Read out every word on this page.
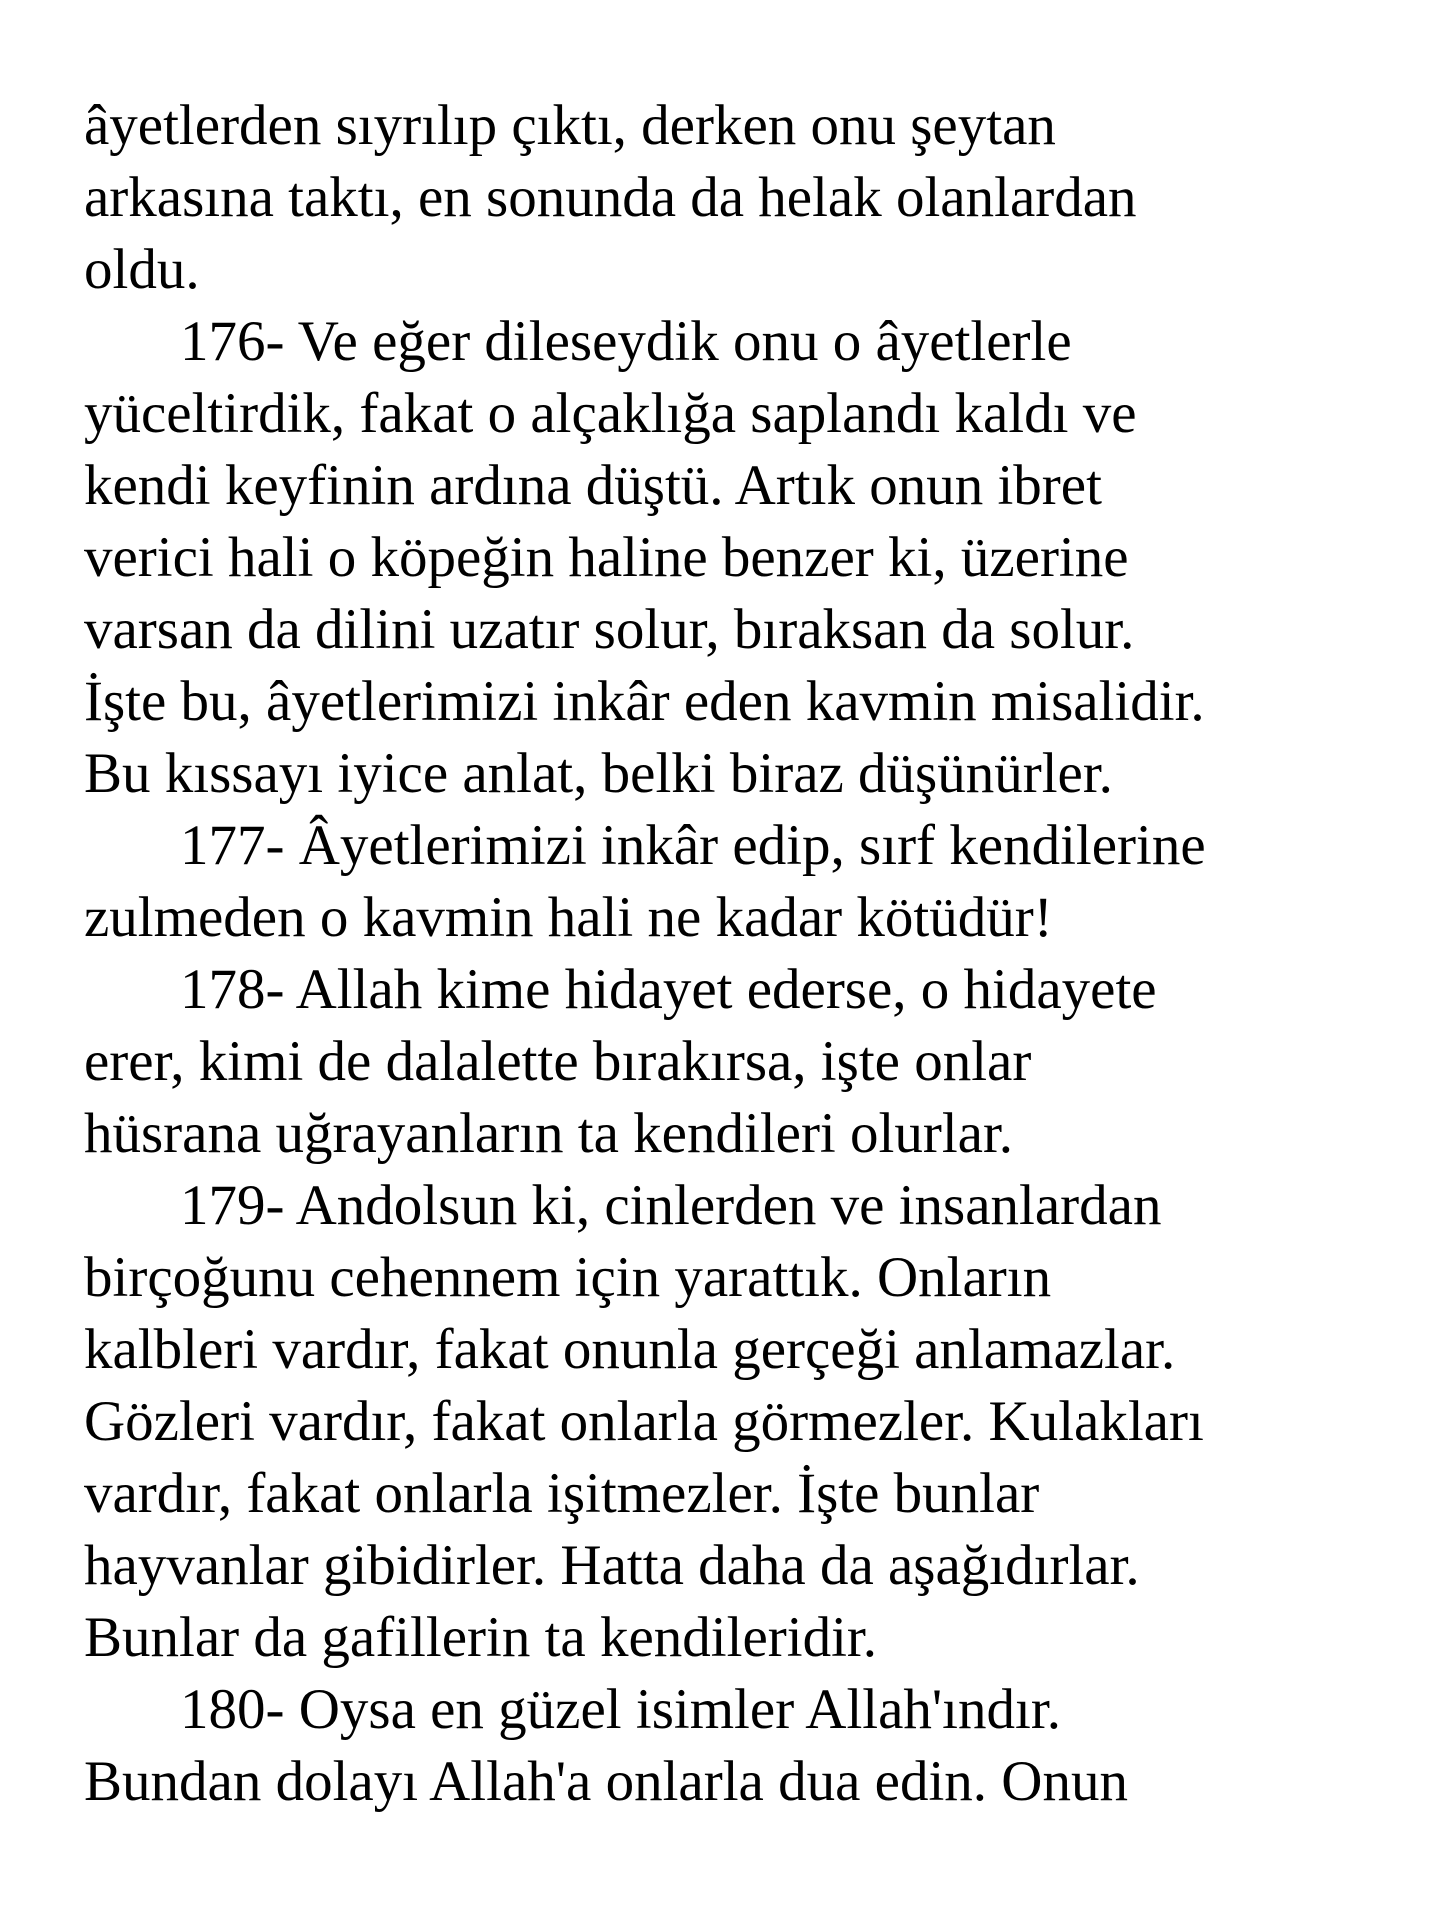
âyetlerden sıyrılıp çıktı, derken onu şeytan
arkasına taktı, en sonunda da helak olanlardan
oldu.
176- Ve eğer dileseydik onu o âyetlerle
yüceltirdik, fakat o alçaklığa saplandı kaldı ve
kendi keyfinin ardına düştü. Artık onun ibret
verici hali o köpeğin haline benzer ki, üzerine
varsan da dilini uzatır solur, bıraksan da solur.
İşte bu, âyetlerimizi inkâr eden kavmin misalidir.
Bu kıssayı iyice anlat, belki biraz düşünürler.
177- Âyetlerimizi inkâr edip, sırf kendilerine
zulmeden o kavmin hali ne kadar kötüdür!
178- Allah kime hidayet ederse, o hidayete
erer, kimi de dalalette bırakırsa, işte onlar
hüsrana uğrayanların ta kendileri olurlar.
179- Andolsun ki, cinlerden ve insanlardan
birçoğunu cehennem için yarattık. Onların
kalbleri vardır, fakat onunla gerçeği anlamazlar.
Gözleri vardır, fakat onlarla görmezler. Kulakları
vardır, fakat onlarla işitmezler. İşte bunlar
hayvanlar gibidirler. Hatta daha da aşağıdırlar.
Bunlar da gafillerin ta kendileridir.
180- Oysa en güzel isimler Allah'ındır.
Bundan dolayı Allah'a onlarla dua edin. Onun
